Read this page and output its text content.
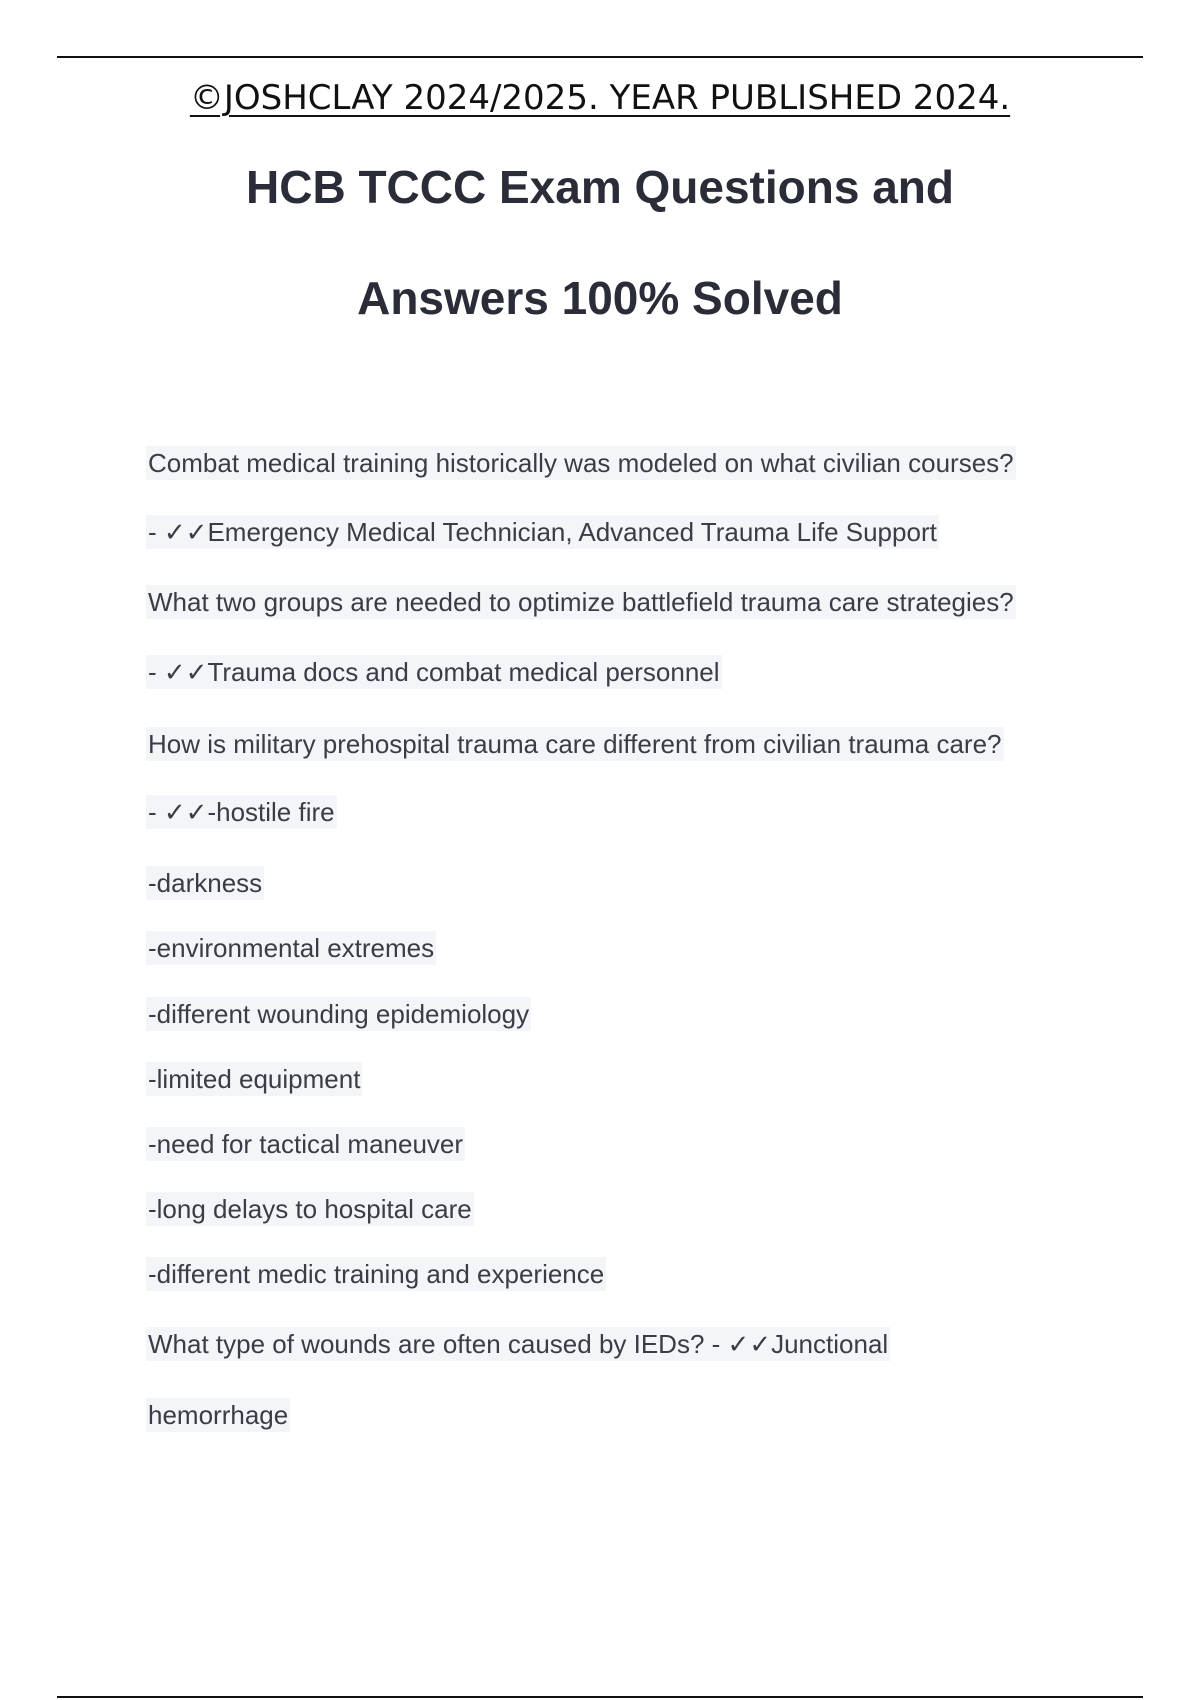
©JOSHCLAY 2024/2025. YEAR PUBLISHED 2024.
HCB TCCC Exam Questions and
Answers 100% Solved
Combat medical training historically was modeled on what civilian courses?
- ✓✓Emergency Medical Technician, Advanced Trauma Life Support
What two groups are needed to optimize battlefield trauma care strategies?
- ✓✓Trauma docs and combat medical personnel
How is military prehospital trauma care different from civilian trauma care?
- ✓✓-hostile fire
-darkness
-environmental extremes
-different wounding epidemiology
-limited equipment
-need for tactical maneuver
-long delays to hospital care
-different medic training and experience
What type of wounds are often caused by IEDs? - ✓✓Junctional
hemorrhage
